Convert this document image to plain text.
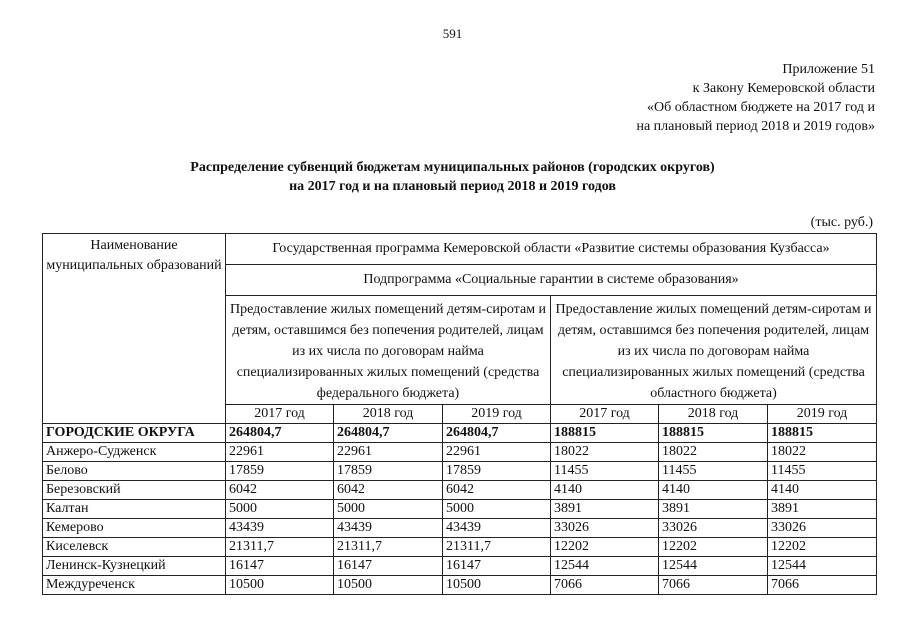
591
Приложение 51
к Закону Кемеровской области
«Об областном бюджете на 2017 год и
на плановый период 2018 и 2019 годов»
Распределение субвенций бюджетам муниципальных районов (городских округов)
на 2017 год и на плановый период 2018 и 2019 годов
(тыс. руб.)
Наименование муниципальных образований	Государственная программа Кемеровской области «Развитие системы образования Кузбасса»					
	Подпрограмма «Социальные гарантии в системе образования»					
	Предоставление жилых помещений детям-сиротам и детям, оставшимся без попечения родителей, лицам из их числа по договорам найма специализированных жилых помещений (средства федерального бюджета)			Предоставление жилых помещений детям-сиротам и детям, оставшимся без попечения родителей, лицам из их числа по договорам найма специализированных жилых помещений (средства областного бюджета)		
	2017 год	2018 год	2019 год	2017 год	2018 год	2019 год
ГОРОДСКИЕ ОКРУГА	264804,7	264804,7	264804,7	188815	188815	188815
Анжеро-Судженск	22961	22961	22961	18022	18022	18022
Белово	17859	17859	17859	11455	11455	11455
Березовский	6042	6042	6042	4140	4140	4140
Калтан	5000	5000	5000	3891	3891	3891
Кемерово	43439	43439	43439	33026	33026	33026
Киселевск	21311,7	21311,7	21311,7	12202	12202	12202
Ленинск-Кузнецкий	16147	16147	16147	12544	12544	12544
Междуреченск	10500	10500	10500	7066	7066	7066
